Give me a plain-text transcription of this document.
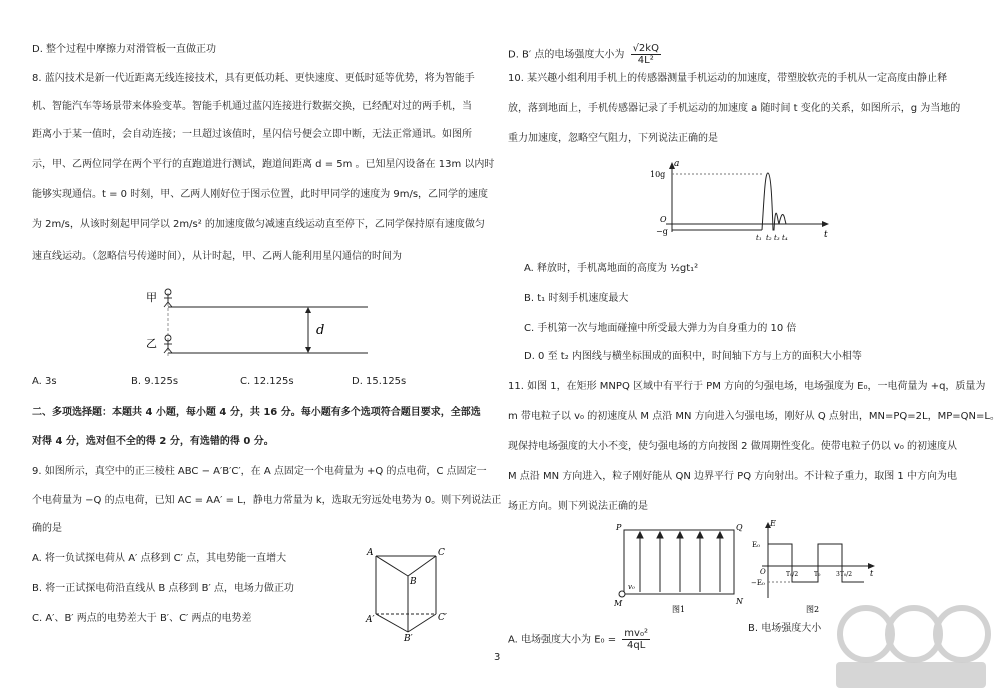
D. 整个过程中摩擦力对滑管板一直做正功
8. 蓝闪技术是新一代近距离无线连接技术，具有更低功耗、更快速度、更低时延等优势，将为智能手
机、智能汽车等场景带来体验变革。智能手机通过蓝闪连接进行数据交换，已经配对过的两手机，当
距离小于某一值时，会自动连接；一旦超过该值时，星闪信号便会立即中断，无法正常通讯。如图所
示，甲、乙两位同学在两个平行的直跑道进行测试，跑道间距离 d = 5m 。已知星闪设备在 13m 以内时
能够实现通信。t = 0 时刻，甲、乙两人刚好位于图示位置，此时甲同学的速度为 9m/s，乙同学的速度
为 2m/s，从该时刻起甲同学以 2m/s² 的加速度做匀减速直线运动直至停下，乙同学保持原有速度做匀
速直线运动。（忽略信号传递时间），从计时起，甲、乙两人能利用星闪通信的时间为
d
甲
乙
A. 3s	B. 9.125s	C. 12.125s	D. 15.125s
二、多项选择题：本题共 4 小题，每小题 4 分，共 16 分。每小题有多个选项符合题目要求，全部选
对得 4 分，选对但不全的得 2 分，有选错的得 0 分。
9. 如图所示，真空中的正三棱柱 ABC − A′B′C′，在 A 点固定一个电荷量为 +Q 的点电荷，C 点固定一
个电荷量为 −Q 的点电荷，已知 AC = AA′ = L，静电力常量为 k，选取无穷远处电势为 0。则下列说法正
确的是
A. 将一负试探电荷从 A′ 点移到 C′ 点，其电势能一直增大
B. 将一正试探电荷沿直线从 B 点移到 B′ 点，电场力做正功
C. A′、B′ 两点的电势差大于 B′、C′ 两点的电势差
A	C
B
A′	C′
B′
D. B′ 点的电场强度大小为 $\frac{√2kQ}{\text{4L²}}$
10. 某兴趣小组利用手机上的传感器测量手机运动的加速度，带塑胶软壳的手机从一定高度由静止释
放，落到地面上，手机传感器记录了手机运动的加速度 a 随时间 t 变化的关系，如图所示，g 为当地的
重力加速度，忽略空气阻力，下列说法正确的是
a
10g
O
−g	t
t₁ t₂ t₃ t₄
A. 释放时，手机离地面的高度为 ½gt₁²
B. t₁ 时刻手机速度最大
C. 手机第一次与地面碰撞中所受最大弹力为自身重力的 10 倍
D. 0 至 t₂ 内图线与横坐标围成的面积中，时间轴下方与上方的面积大小相等
11. 如图 1，在矩形 MNPQ 区域中有平行于 PM 方向的匀强电场，电场强度为 E₀，一电荷量为 +q，质量为
m 带电粒子以 v₀ 的初速度从 M 点沿 MN 方向进入匀强电场，刚好从 Q 点射出，MN=PQ=2L，MP=QN=L。
现保持电场强度的大小不变，使匀强电场的方向按图 2 做周期性变化。使带电粒子仍以 v₀ 的初速度从
M 点沿 MN 方向进入，粒子刚好能从 QN 边界平行 PQ 方向射出。不计粒子重力，取图 1 中方向为电
场正方向。则下列说法正确的是
P	Q
M	N
v₀
图1
E
E₀
−E₀
O	t
T₀/2	T₀	3T₀/2
图2
A. 电场强度大小为 $E_0 = \frac{\text{mv₀²}}{4qL}$	B. 电场强度大小
3
